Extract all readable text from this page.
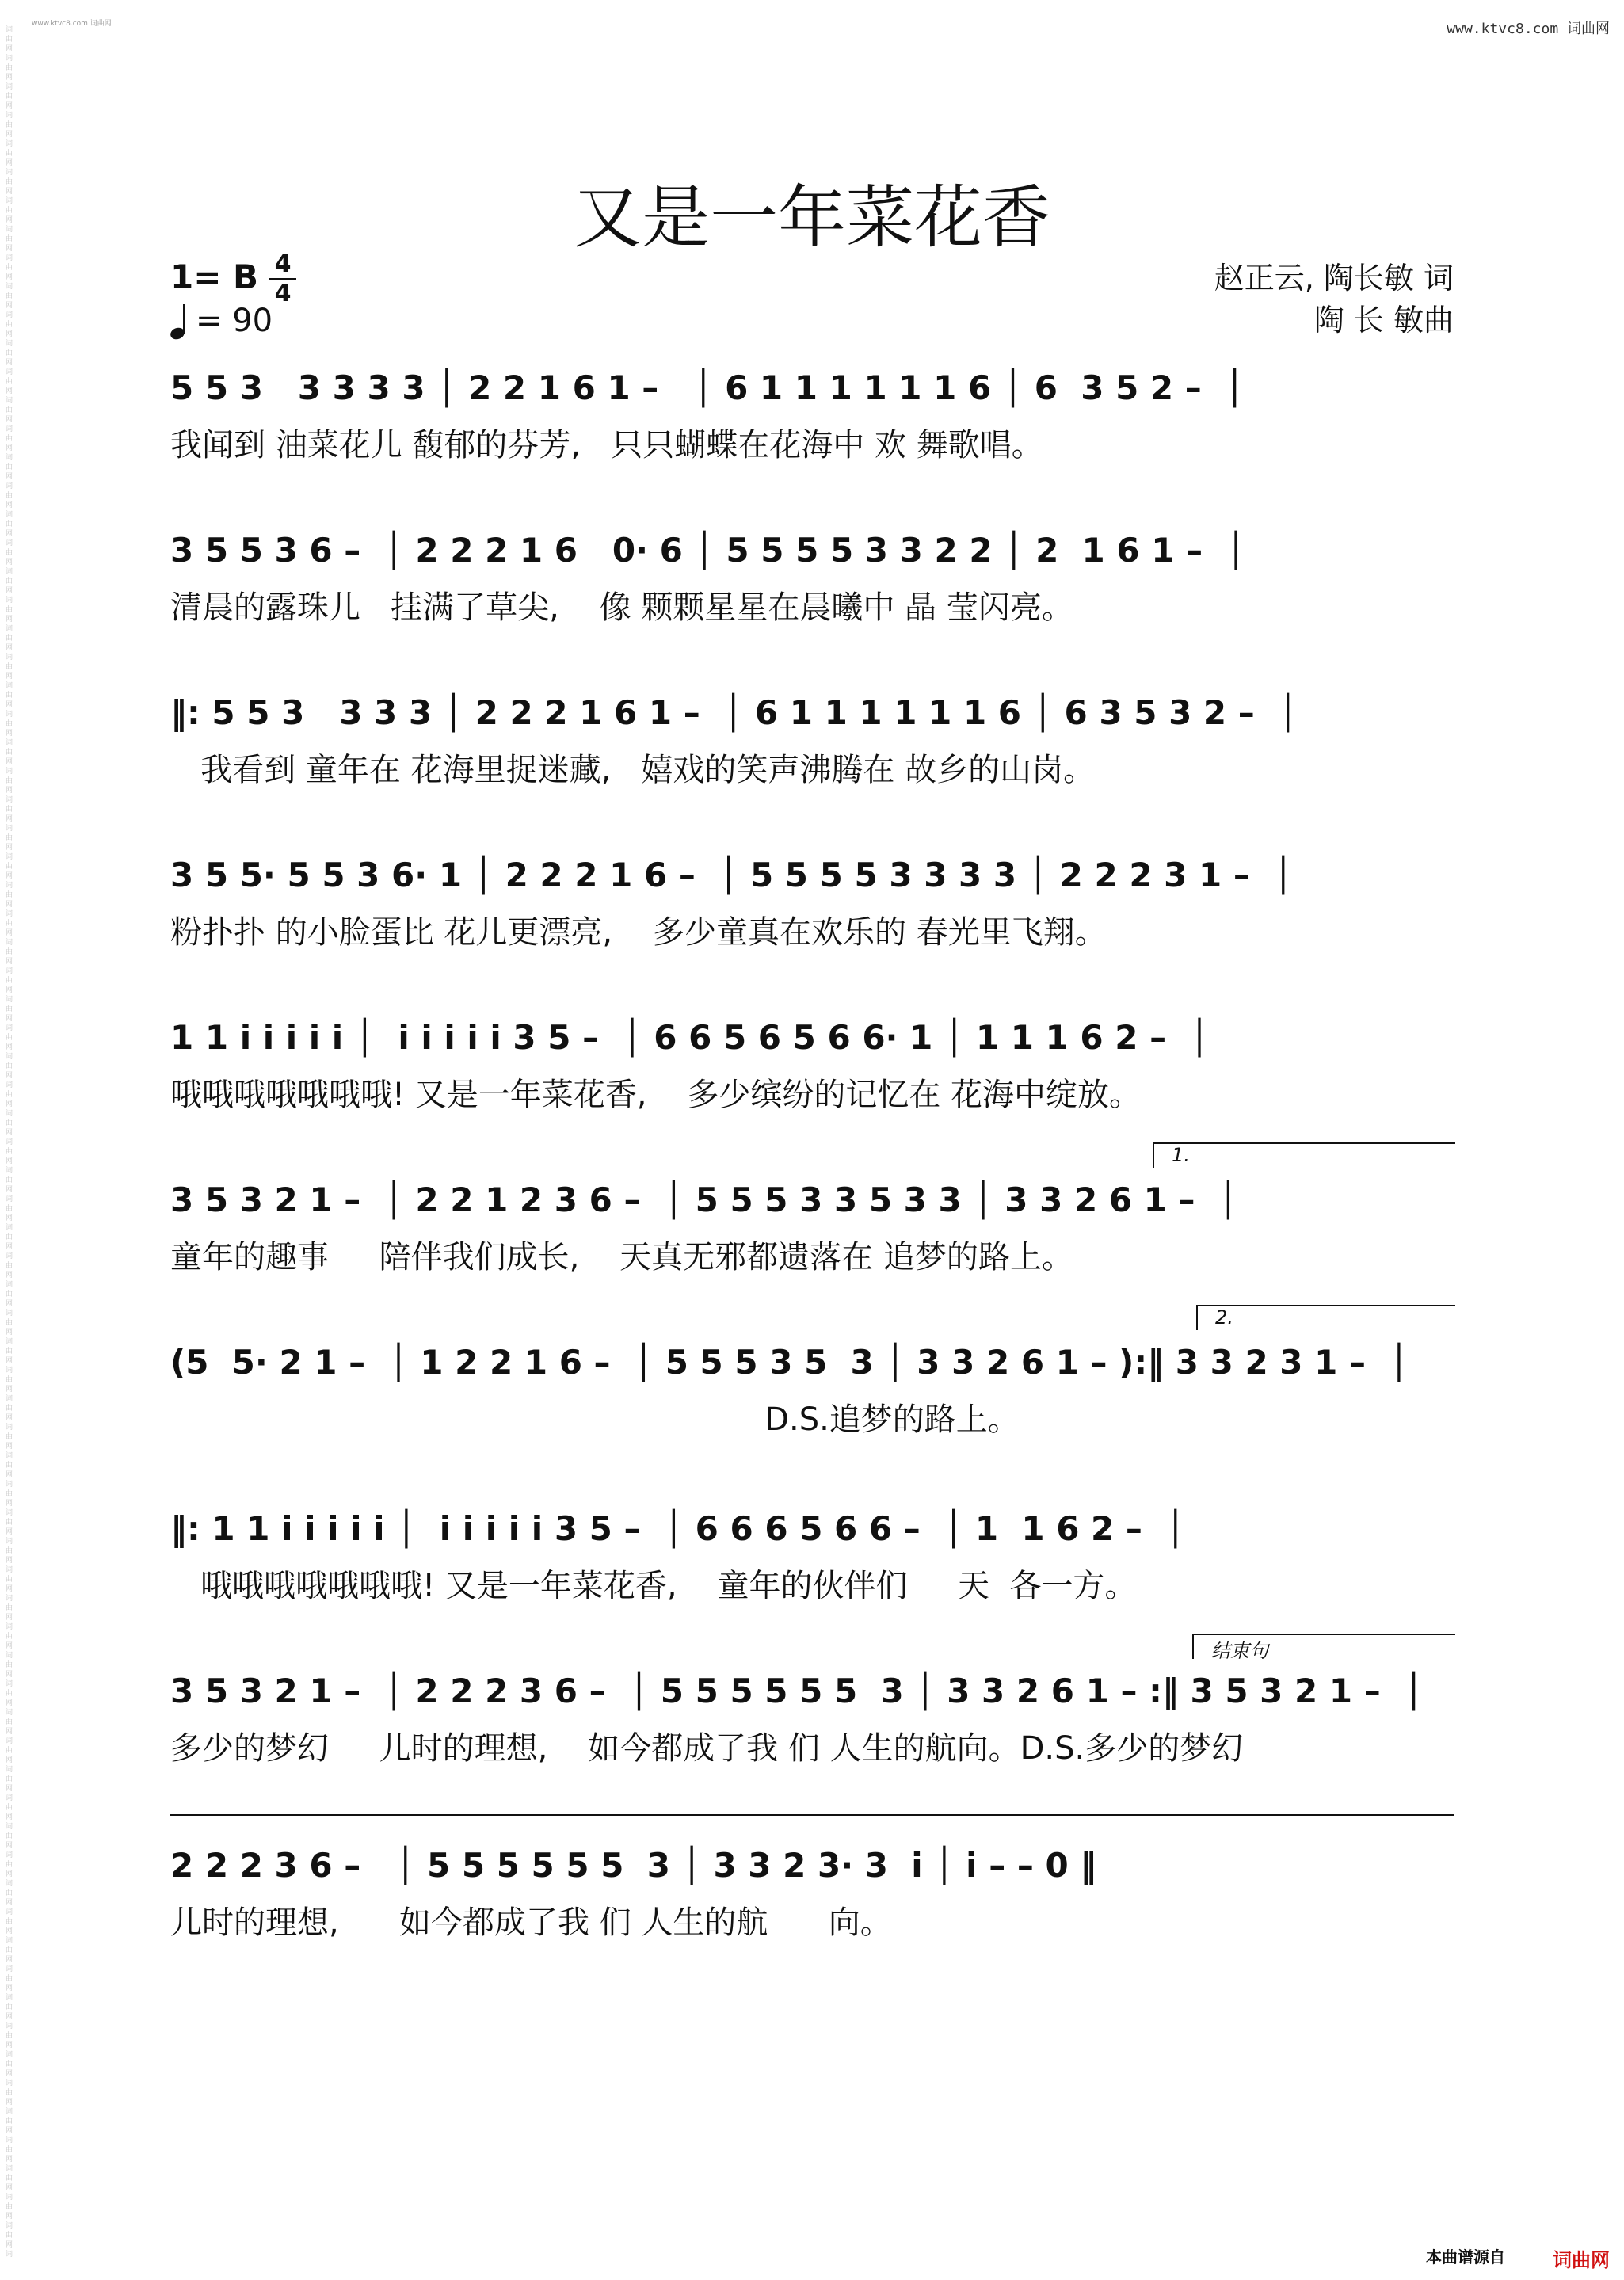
词
曲
网
词
曲
网
词
曲
网
词
曲
网
词
曲
网
词
曲
网
词
曲
网
词
曲
网
词
曲
网
词
曲
网
词
曲
网
词
曲
网
词
曲
网
词
曲
网
词
曲
网
词
曲
网
词
曲
网
词
曲
网
词
曲
网
词
曲
网
词
曲
网
词
曲
网
词
曲
网
词
曲
网
词
曲
网
词
曲
网
词
曲
网
词
曲
网
词
曲
网
词
曲
网
词
曲
网
词
曲
网
词
曲
网
词
曲
网
词
曲
网
词
曲
网
词
曲
网
词
曲
网
词
曲
网
词
曲
网
词
曲
网
词
曲
网
词
曲
网
词
曲
网
词
曲
网
词
曲
网
词
曲
网
词
曲
网
词
曲
网
词
曲
网
词
曲
网
词
曲
网
词
曲
网
词
曲
网
词
曲
网
词
曲
网
词
曲
网
词
曲
网
词
曲
网
词
曲
网
词
曲
网
词
曲
网
词
曲
网
词
曲
网
词
曲
网
词
曲
网
词
曲
网
词
曲
网
词
曲
网
词
曲
网
词
曲
网
词
曲
网
词
曲
网
词
曲
网
词
曲
网
词
曲
网
词
曲
网
词
曲
网
词
www.ktvc8.com 词曲网	www.ktvc8.com 词曲网
又是一年菜花香
1= B 4
4
= 90
赵正云, 陶长敏 词
陶 长 敏曲
5 5 3   3 3 3 3 │ 2 2 1 6 1 –   │ 6 1 1 1 1 1 1 6 │ 6  3 5 2 –  │
我闻到 油菜花儿 馥郁的芬芳,   只只蝴蝶在花海中 欢 舞歌唱。
3 5 5 3 6 –  │ 2 2 2 1 6   0· 6 │ 5 5 5 5 3 3 2 2 │ 2  1 6 1 –  │
清晨的露珠儿   挂满了草尖,    像 颗颗星星在晨曦中 晶 莹闪亮。
‖: 5 5 3   3 3 3 │ 2 2 2 1 6 1 –  │ 6 1 1 1 1 1 1 6 │ 6 3 5 3 2 –  │
我看到 童年在 花海里捉迷藏,   嬉戏的笑声沸腾在 故乡的山岗。
3 5 5· 5 5 3 6· 1 │ 2 2 2 1 6 –  │ 5 5 5 5 3 3 3 3 │ 2 2 2 3 1 –  │
粉扑扑 的小脸蛋比 花儿更漂亮,    多少童真在欢乐的 春光里飞翔。
1 1 i i i i i │  i i i i i 3 5 –  │ 6 6 5 6 5 6 6· 1 │ 1 1 1 6 2 –  │
哦哦哦哦哦哦哦! 又是一年菜花香,    多少缤纷的记忆在 花海中绽放。
3 5 3 2 1 –  │ 2 2 1 2 3 6 –  │ 5 5 5 3 3 5 3 3 │ 3 3 2 6 1 –  │
童年的趣事     陪伴我们成长,    天真无邪都遗落在 追梦的路上。
1.
(5  5· 2 1 –  │ 1 2 2 1 6 –  │ 5 5 5 3 5  3 │ 3 3 2 6 1 – ):‖ 3 3 2 3 1 –  │
D.S.追梦的路上。
2.
‖: 1 1 i i i i i │  i i i i i 3 5 –  │ 6 6 6 5 6 6 –  │ 1  1 6 2 –  │
哦哦哦哦哦哦哦! 又是一年菜花香,    童年的伙伴们     天  各一方。
3 5 3 2 1 –  │ 2 2 2 3 6 –  │ 5 5 5 5 5 5  3 │ 3 3 2 6 1 – :‖ 3 5 3 2 1 –  │
多少的梦幻     儿时的理想,    如今都成了我 们 人生的航向。D.S.多少的梦幻
结束句
2 2 2 3 6 –   │ 5 5 5 5 5 5  3 │ 3 3 2 3· 3  i │ i – – 0 ‖
儿时的理想,      如今都成了我 们 人生的航      向。
本曲谱源自	词曲网
